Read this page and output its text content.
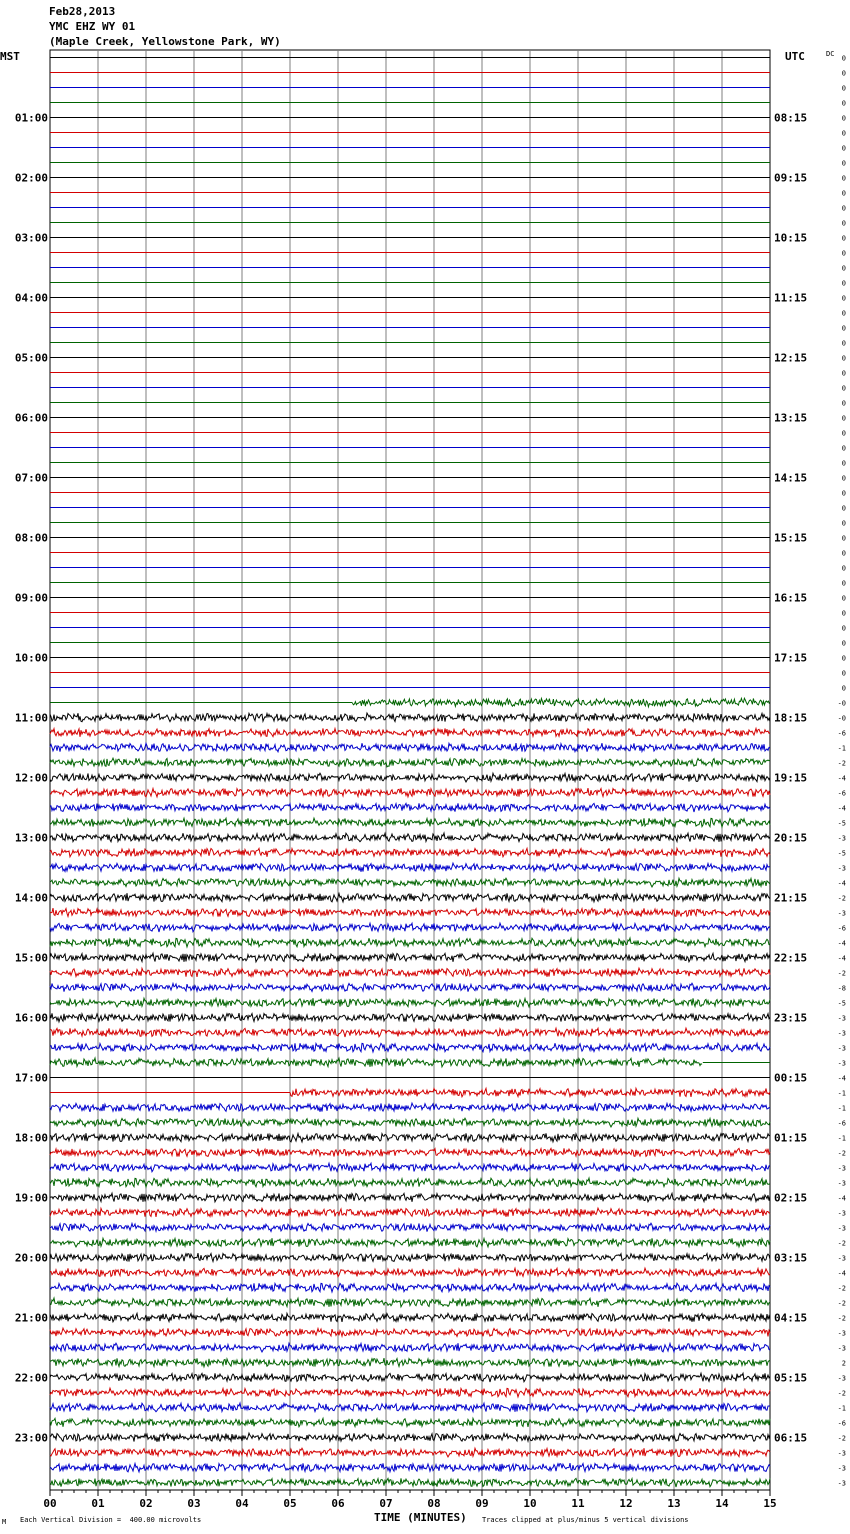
Feb28,2013
YMC EHZ WY 01
(Maple Creek, Yellowstone Park, WY)
MST	UTC	DC
TIME (MINUTES)
Each Vertical Division =  400.00 microvolts	Traces clipped at plus/minus 5 vertical divisions
M
01:00	08:15
02:00	09:15
03:00	10:15
04:00	11:15
05:00	12:15
06:00	13:15
07:00	14:15
08:00	15:15
09:00	16:15
10:00	17:15
11:00	18:15
12:00	19:15
13:00	20:15
14:00	21:15
15:00	22:15
16:00	23:15
17:00	00:15
18:00	01:15
19:00	02:15
20:00	03:15
21:00	04:15
22:00	05:15
23:00	06:15
0
0
0
0
0
0
0
0
0
0
0
0
0
0
0
0
0
0
0
0
0
0
0
0
0
0
0
0
0
0
0
0
0
0
0
0
0
0
0
0
0
0
0
-0
-0
-6
-1
-2
-4
-6
-4
-5
-3
-5
-3
-4
-2
-3
-6
-4
-4
-2
-8
-5
-3
-3
-3
-3
-4
-1
-1
-6
-1
-2
-3
-3
-4
-3
-3
-2
-3
-4
-2
-2
-2
-3
-3
2
-3
-2
-1
-6
-2
-3
-3
-3
00	01	02	03	04	05	06	07	08	09	10	11	12	13	14	15
